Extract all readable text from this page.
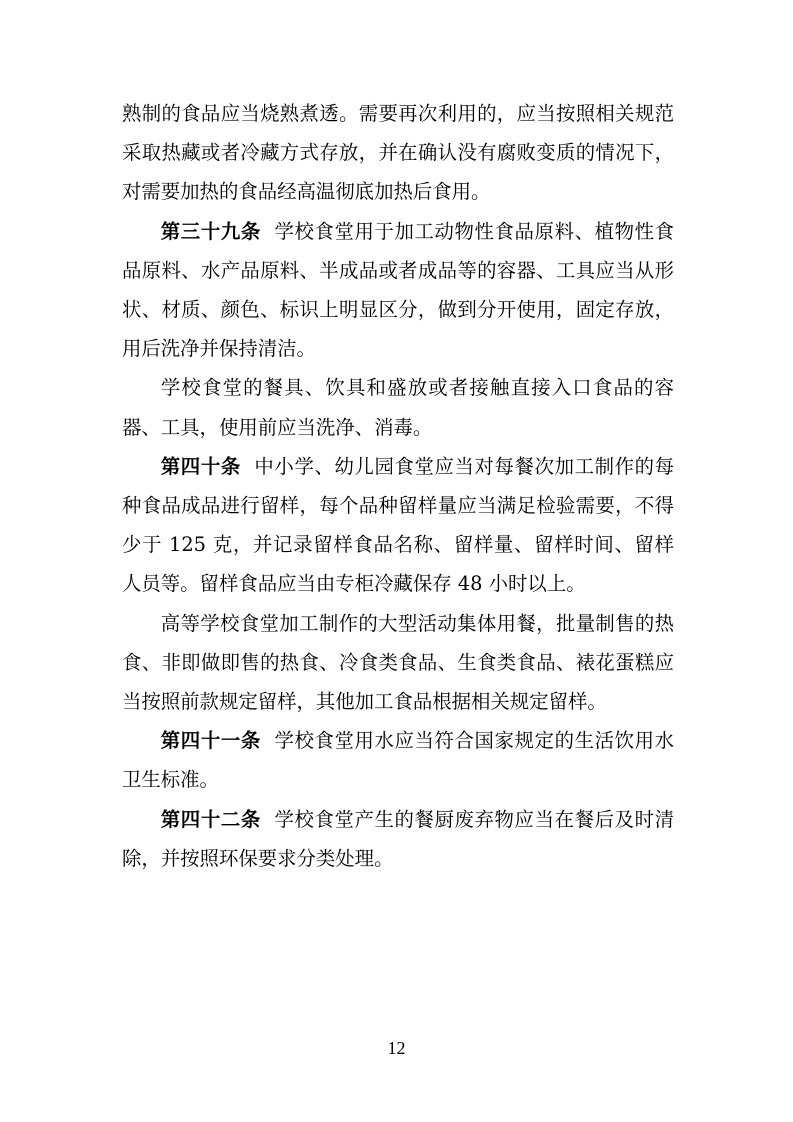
熟制的食品应当烧熟煮透。需要再次利用的，应当按照相关规范采取热藏或者冷藏方式存放，并在确认没有腐败变质的情况下，对需要加热的食品经高温彻底加热后食用。

第三十九条 学校食堂用于加工动物性食品原料、植物性食品原料、水产品原料、半成品或者成品等的容器、工具应当从形状、材质、颜色、标识上明显区分，做到分开使用，固定存放，用后洗净并保持清洁。

学校食堂的餐具、饮具和盛放或者接触直接入口食品的容器、工具，使用前应当洗净、消毒。

第四十条 中小学、幼儿园食堂应当对每餐次加工制作的每种食品成品进行留样，每个品种留样量应当满足检验需要，不得少于 125 克，并记录留样食品名称、留样量、留样时间、留样人员等。留样食品应当由专柜冷藏保存 48 小时以上。

高等学校食堂加工制作的大型活动集体用餐，批量制售的热食、非即做即售的热食、冷食类食品、生食类食品、裱花蛋糕应当按照前款规定留样，其他加工食品根据相关规定留样。

第四十一条 学校食堂用水应当符合国家规定的生活饮用水卫生标准。

第四十二条 学校食堂产生的餐厨废弃物应当在餐后及时清除，并按照环保要求分类处理。

12
